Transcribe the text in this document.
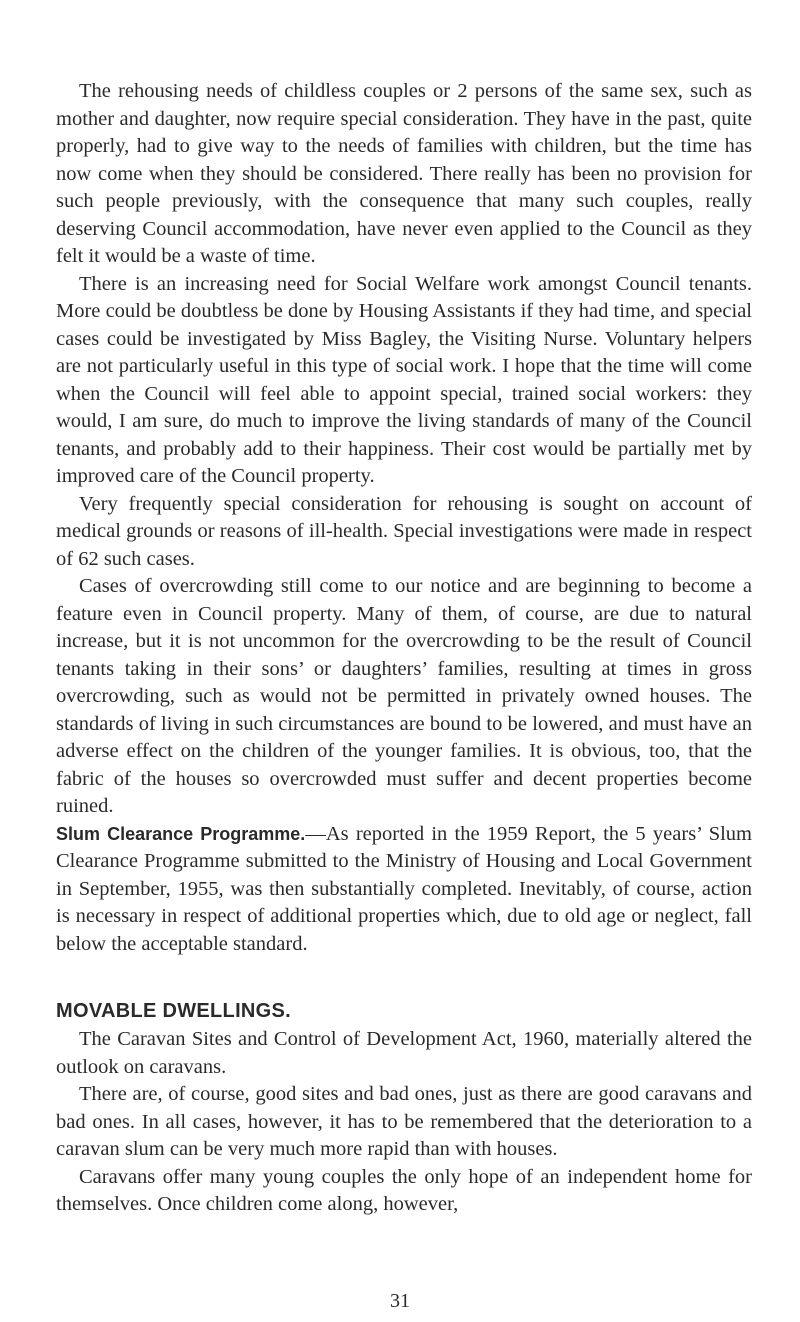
The rehousing needs of childless couples or 2 persons of the same sex, such as mother and daughter, now require special consideration. They have in the past, quite properly, had to give way to the needs of families with children, but the time has now come when they should be considered. There really has been no provision for such people previously, with the consequence that many such couples, really deserving Council accommodation, have never even applied to the Council as they felt it would be a waste of time.

There is an increasing need for Social Welfare work amongst Council tenants. More could be doubtless be done by Housing Assistants if they had time, and special cases could be investigated by Miss Bagley, the Visiting Nurse. Voluntary helpers are not particularly useful in this type of social work. I hope that the time will come when the Council will feel able to appoint special, trained social workers: they would, I am sure, do much to improve the living standards of many of the Council tenants, and probably add to their happiness. Their cost would be partially met by improved care of the Council property.

Very frequently special consideration for rehousing is sought on account of medical grounds or reasons of ill-health. Special investigations were made in respect of 62 such cases.

Cases of overcrowding still come to our notice and are beginning to become a feature even in Council property. Many of them, of course, are due to natural increase, but it is not uncommon for the overcrowding to be the result of Council tenants taking in their sons’ or daughters’ families, resulting at times in gross overcrowding, such as would not be permitted in privately owned houses. The standards of living in such circumstances are bound to be lowered, and must have an adverse effect on the children of the younger families. It is obvious, too, that the fabric of the houses so overcrowded must suffer and decent properties become ruined.

Slum Clearance Programme.—As reported in the 1959 Report, the 5 years’ Slum Clearance Programme submitted to the Ministry of Housing and Local Government in September, 1955, was then substantially completed. Inevitably, of course, action is necessary in respect of additional properties which, due to old age or neglect, fall below the acceptable standard.

MOVABLE DWELLINGS.

The Caravan Sites and Control of Development Act, 1960, materially altered the outlook on caravans.

There are, of course, good sites and bad ones, just as there are good caravans and bad ones. In all cases, however, it has to be remembered that the deterioration to a caravan slum can be very much more rapid than with houses.

Caravans offer many young couples the only hope of an independent home for themselves. Once children come along, however,

31
